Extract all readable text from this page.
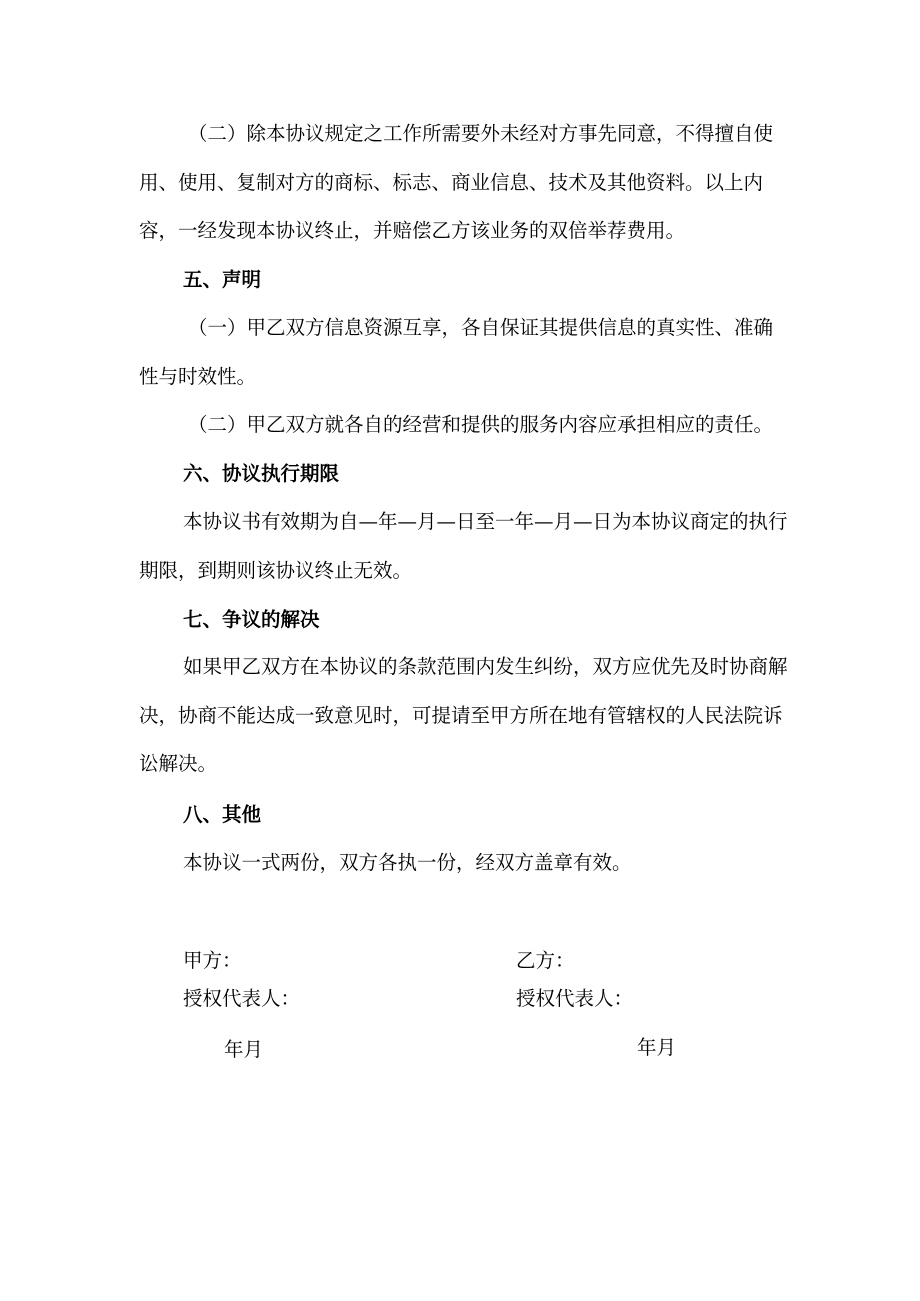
（二）除本协议规定之工作所需要外未经对方事先同意，不得擅自使用、使用、复制对方的商标、标志、商业信息、技术及其他资料。以上内容，一经发现本协议终止，并赔偿乙方该业务的双倍举荐费用。

五、声明

（一）甲乙双方信息资源互享，各自保证其提供信息的真实性、准确性与时效性。

（二）甲乙双方就各自的经营和提供的服务内容应承担相应的责任。

六、协议执行期限

本协议书有效期为自—年—月—日至一年—月—日为本协议商定的执行期限，到期则该协议终止无效。

七、争议的解决

如果甲乙双方在本协议的条款范围内发生纠纷，双方应优先及时协商解决，协商不能达成一致意见时，可提请至甲方所在地有管辖权的人民法院诉讼解决。

八、其他

本协议一式两份，双方各执一份，经双方盖章有效。

甲方：

授权代表人：

年月

乙方：

授权代表人：

年月
